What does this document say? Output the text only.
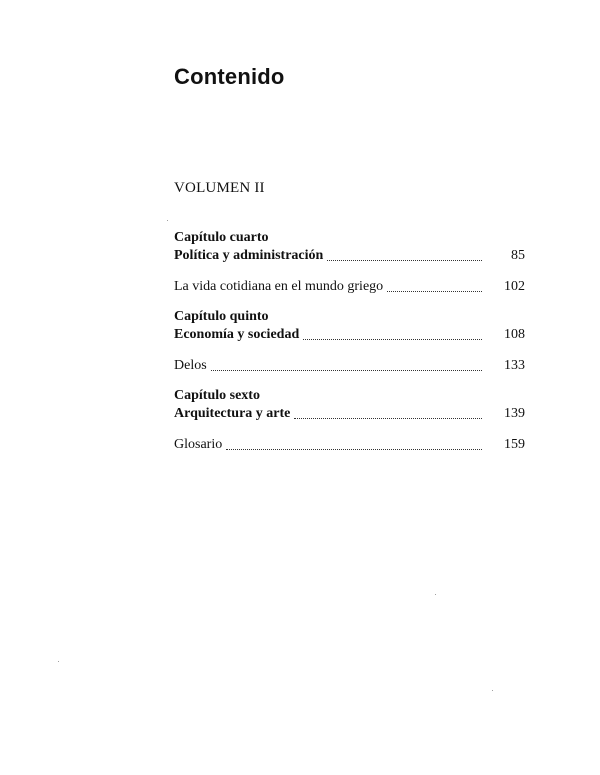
Contenido
VOLUMEN II
Capítulo cuarto
Política y administración	85
La vida cotidiana en el mundo griego	102
Capítulo quinto
Economía y sociedad	108
Delos	133
Capítulo sexto
Arquitectura y arte	139
Glosario	159
